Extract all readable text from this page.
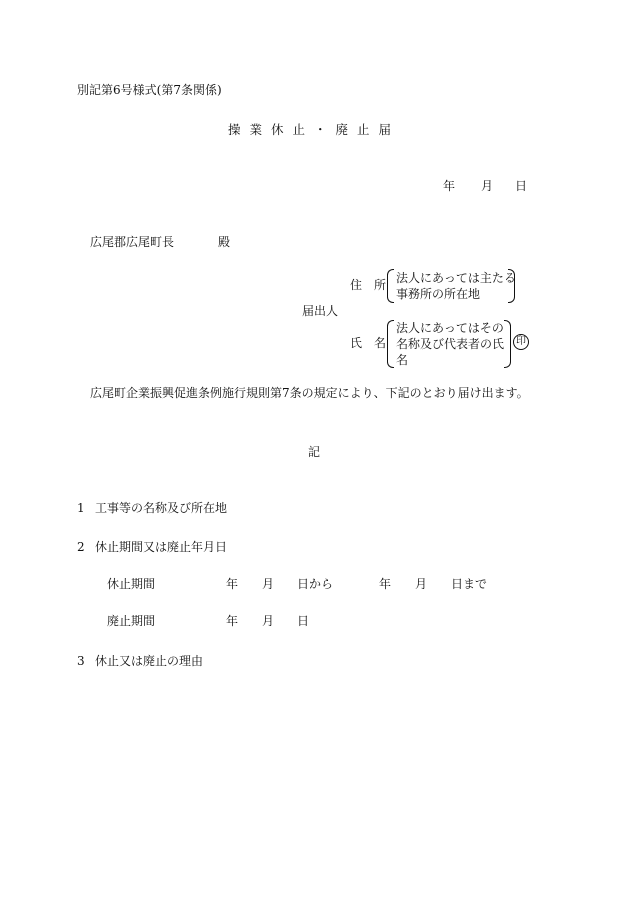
別記第6号様式(第7条関係)
操業休止・廃止届
年 月 日
広尾郡広尾町長	殿
住　所 法人にあっては主たる
事務所の所在地
届出人
氏　名
法人にあってはその
名称及び代表者の氏
名
印
広尾町企業振興促進条例施行規則第7条の規定により、下記のとおり届け出ます。
記
1 工事等の名称及び所在地
2 休止期間又は廃止年月日
休止期間	年 月 日から	年 月 日まで
廃止期間	年 月 日
3 休止又は廃止の理由
